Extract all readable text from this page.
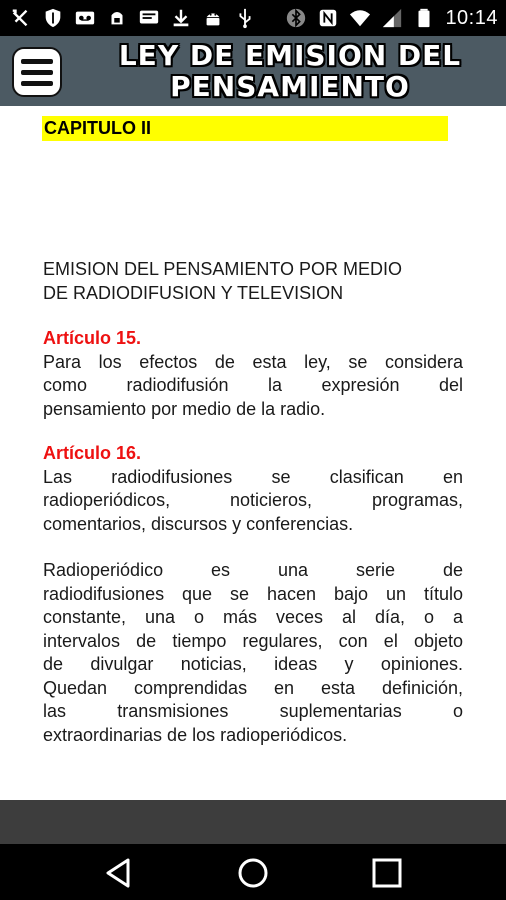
10:14
LEY DE EMISION DEL
PENSAMIENTO
CAPITULO II
EMISION DEL PENSAMIENTO POR MEDIO
DE RADIODIFUSION Y TELEVISION
Artículo 15.
Para los efectos de esta ley, se considera
como radiodifusión la expresión del
pensamiento por medio de la radio.
Artículo 16.
Las radiodifusiones se clasifican en
radioperiódicos, noticieros, programas,
comentarios, discursos y conferencias.
Radioperiódico es una serie de
radiodifusiones que se hacen bajo un título
constante, una o más veces al día, o a
intervalos de tiempo regulares, con el objeto
de divulgar noticias, ideas y opiniones.
Quedan comprendidas en esta definición,
las transmisiones suplementarias o
extraordinarias de los radioperiódicos.
